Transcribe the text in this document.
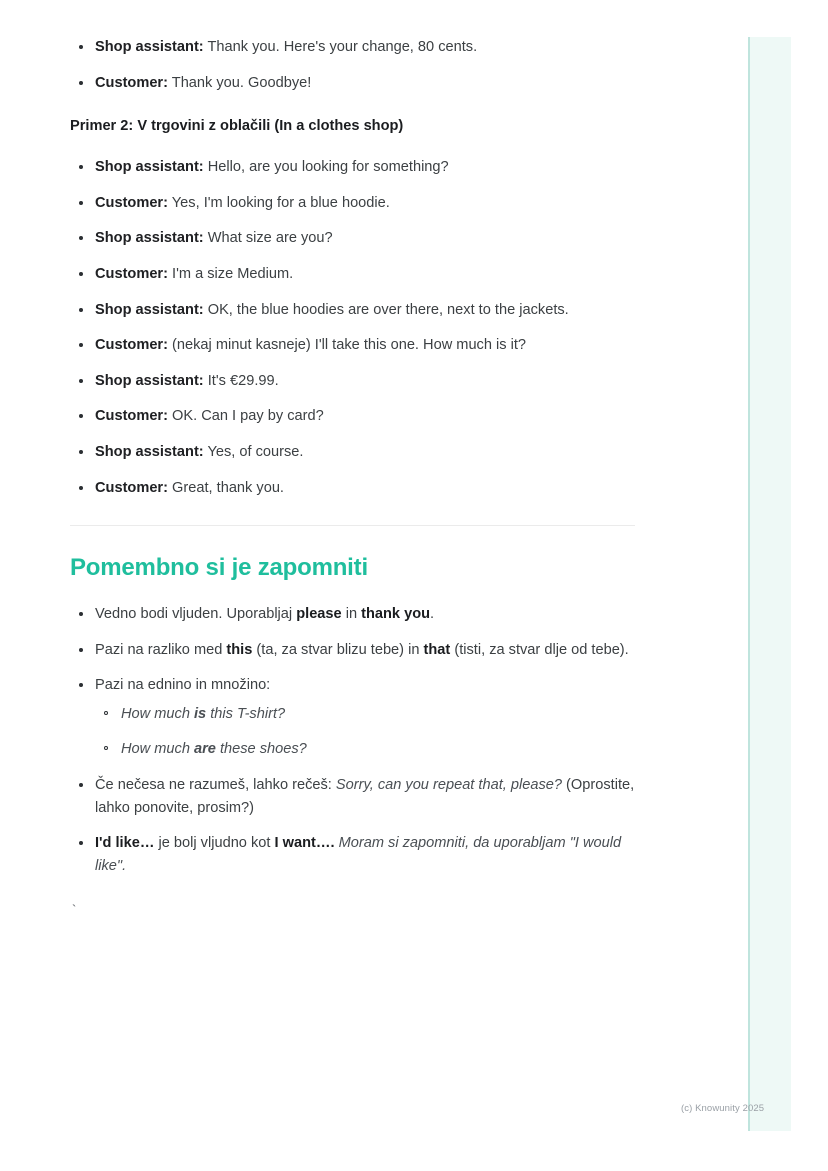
Shop assistant: Thank you. Here's your change, 80 cents.
Customer: Thank you. Goodbye!

Primer 2: V trgovini z oblačili (In a clothes shop)

Shop assistant: Hello, are you looking for something?
Customer: Yes, I'm looking for a blue hoodie.
Shop assistant: What size are you?
Customer: I'm a size Medium.
Shop assistant: OK, the blue hoodies are over there, next to the jackets.
Customer: (nekaj minut kasneje) I'll take this one. How much is it?
Shop assistant: It's €29.99.
Customer: OK. Can I pay by card?
Shop assistant: Yes, of course.
Customer: Great, thank you.
Pomembno si je zapomniti
Vedno bodi vljuden. Uporabljaj please in thank you.
Pazi na razliko med this (ta, za stvar blizu tebe) in that (tisti, za stvar dlje od tebe).
Pazi na ednino in množino:
How much is this T-shirt?
How much are these shoes?
Če nečesa ne razumeš, lahko rečeš: Sorry, can you repeat that, please? (Oprostite, lahko ponovite, prosim?)
I'd like… je bolj vljudno kot I want…. Moram si zapomniti, da uporabljam "I would like".
`
(c) Knowunity 2025
